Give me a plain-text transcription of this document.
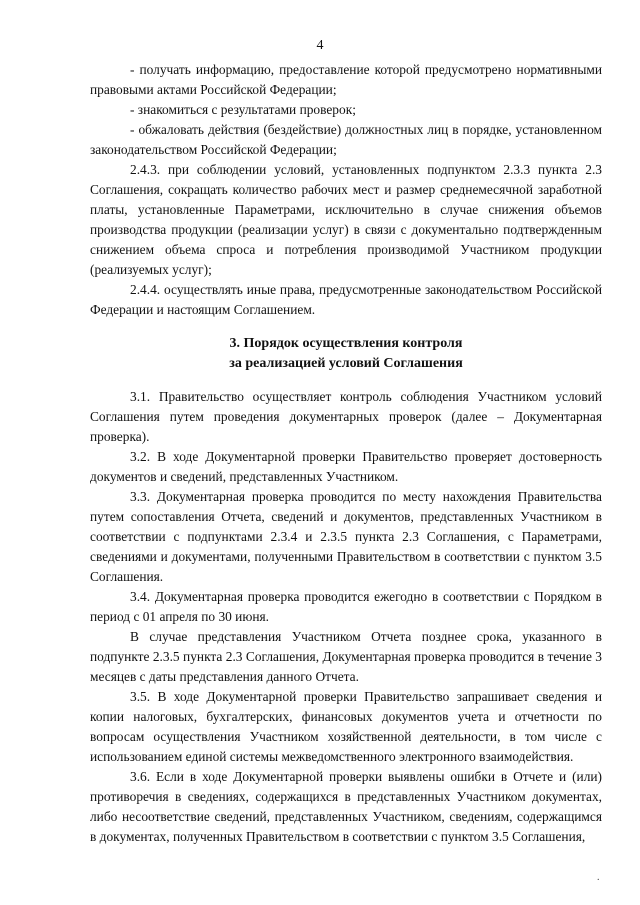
4

- получать информацию, предоставление которой предусмотрено нормативными правовыми актами Российской Федерации;

- знакомиться с результатами проверок;

- обжаловать действия (бездействие) должностных лиц в порядке, установленном законодательством Российской Федерации;

2.4.3. при соблюдении условий, установленных подпунктом 2.3.3 пункта 2.3 Соглашения, сокращать количество рабочих мест и размер среднемесячной заработной платы, установленные Параметрами, исключительно в случае снижения объемов производства продукции (реализации услуг) в связи с документально подтвержденным снижением объема спроса и потребления производимой Участником продукции (реализуемых услуг);

2.4.4. осуществлять иные права, предусмотренные законодательством Российской Федерации и настоящим Соглашением.

3. Порядок осуществления контроля
за реализацией условий Соглашения

3.1. Правительство осуществляет контроль соблюдения Участником условий Соглашения путем проведения документарных проверок (далее – Документарная проверка).

3.2. В ходе Документарной проверки Правительство проверяет достоверность документов и сведений, представленных Участником.

3.3. Документарная проверка проводится по месту нахождения Правительства путем сопоставления Отчета, сведений и документов, представленных Участником в соответствии с подпунктами 2.3.4 и 2.3.5 пункта 2.3 Соглашения, с Параметрами, сведениями и документами, полученными Правительством в соответствии с пунктом 3.5 Соглашения.

3.4. Документарная проверка проводится ежегодно в соответствии с Порядком в период с 01 апреля по 30 июня.

В случае представления Участником Отчета позднее срока, указанного в подпункте 2.3.5 пункта 2.3 Соглашения, Документарная проверка проводится в течение 3 месяцев с даты представления данного Отчета.

3.5. В ходе Документарной проверки Правительство запрашивает сведения и копии налоговых, бухгалтерских, финансовых документов учета и отчетности по вопросам осуществления Участником хозяйственной деятельности, в том числе с использованием единой системы межведомственного электронного взаимодействия.

3.6. Если в ходе Документарной проверки выявлены ошибки в Отчете и (или) противоречия в сведениях, содержащихся в представленных Участником документах, либо несоответствие сведений, представленных Участником, сведениям, содержащимся в документах, полученных Правительством в соответствии с пунктом 3.5 Соглашения,

.
